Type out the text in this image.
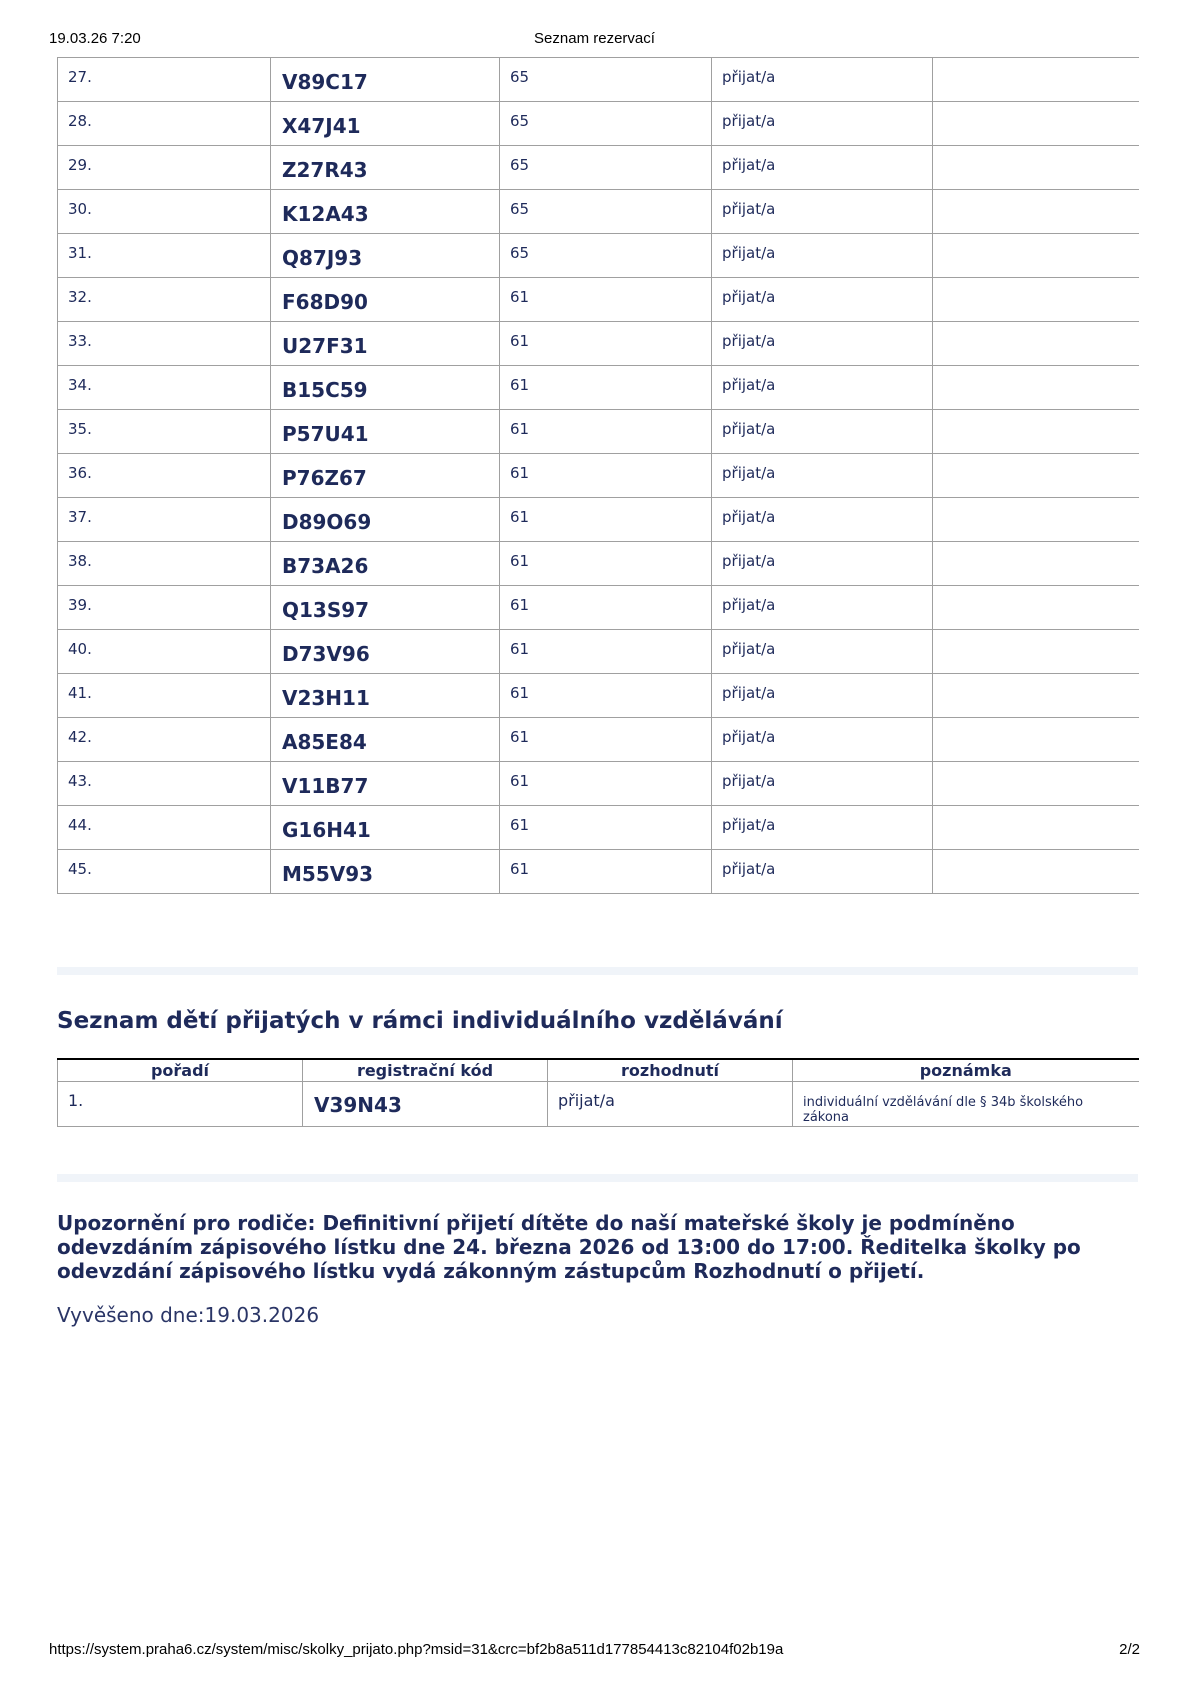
19.03.26 7:20	Seznam rezervací
27.	V89C17	65	přijat/a	
28.	X47J41	65	přijat/a	
29.	Z27R43	65	přijat/a	
30.	K12A43	65	přijat/a	
31.	Q87J93	65	přijat/a	
32.	F68D90	61	přijat/a	
33.	U27F31	61	přijat/a	
34.	B15C59	61	přijat/a	
35.	P57U41	61	přijat/a	
36.	P76Z67	61	přijat/a	
37.	D89O69	61	přijat/a	
38.	B73A26	61	přijat/a	
39.	Q13S97	61	přijat/a	
40.	D73V96	61	přijat/a	
41.	V23H11	61	přijat/a	
42.	A85E84	61	přijat/a	
43.	V11B77	61	přijat/a	
44.	G16H41	61	přijat/a	
45.	M55V93	61	přijat/a	
Seznam dětí přijatých v rámci individuálního vzdělávání
pořadí	registrační kód	rozhodnutí	poznámka
1.	V39N43	přijat/a	individuální vzdělávání dle § 34b školského zákona

Upozornění pro rodiče: Definitivní přijetí dítěte do naší mateřské školy je podmíněno odevzdáním zápisového lístku dne 24. března 2026 od 13:00 do 17:00. Ředitelka školky po odevzdání zápisového lístku vydá zákonným zástupcům Rozhodnutí o přijetí.

Vyvěšeno dne:19.03.2026

https://system.praha6.cz/system/misc/skolky_prijato.php?msid=31&crc=bf2b8a511d177854413c82104f02b19a	2/2
